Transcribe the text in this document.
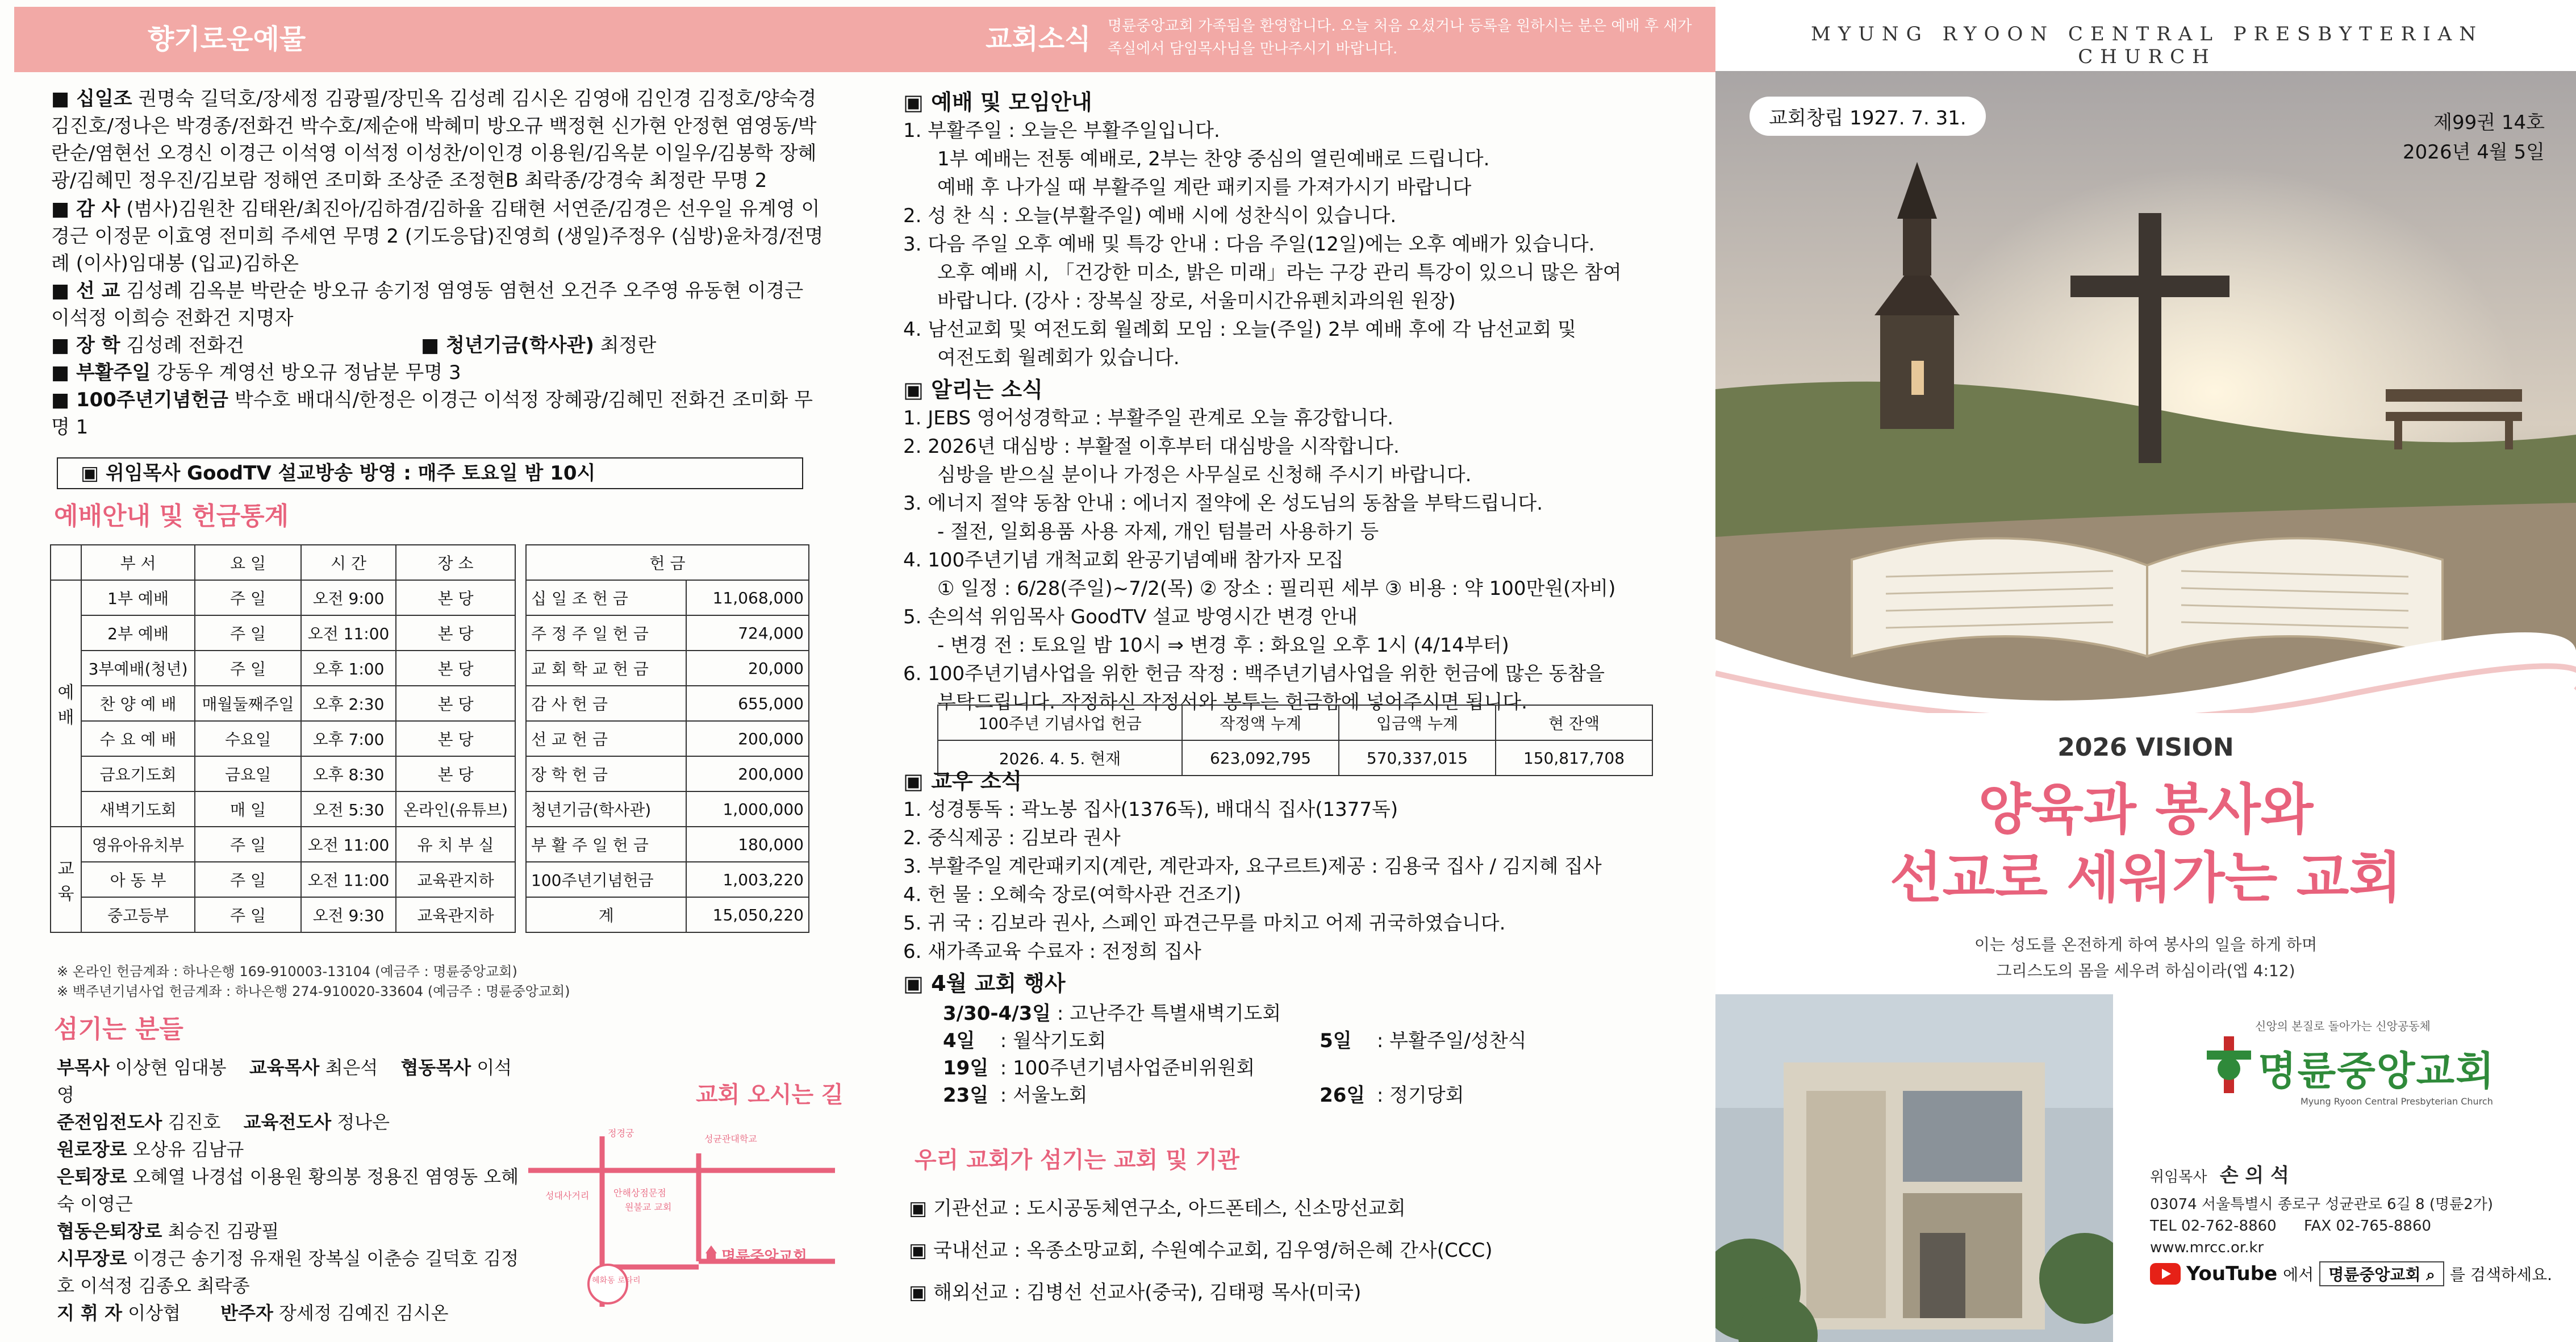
향기로운예물
■ 십일조 권명숙 길덕호/장세정 김광필/장민옥 김성례 김시온 김영애 김인경 김정호/양숙경 김진호/정나은 박경종/전화건 박수호/제순애 박혜미 방오규 백정현 신가현 안정현 염영동/박란순/염현선 오경신 이경근 이석영 이석정 이성찬/이인경 이용원/김옥분 이일우/김봉학 장혜광/김혜민 정우진/김보람 정해연 조미화 조상준 조정현B 최락종/강경숙 최정란 무명 2
■ 감 사 (범사)김원찬 김태완/최진아/김하겸/김하율 김태현 서연준/김경은 선우일 유계영 이경근 이정문 이효영 전미희 주세연 무명 2 (기도응답)진영희 (생일)주정우 (심방)윤차경/전명례 (이사)임대봉 (입교)김하온
■ 선 교 김성례 김옥분 박란순 방오규 송기정 염영동 염현선 오건주 오주영 유동현 이경근 이석정 이희승 전화건 지명자
■ 장 학 김성례 전화건	■ 청년기금(학사관) 최정란
■ 부활주일 강동우 계영선 방오규 정남분 무명 3
■ 100주년기념헌금 박수호 배대식/한정은 이경근 이석정 장혜광/김혜민 전화건 조미화 무명 1
▣ 위임목사 GoodTV 설교방송 방영 : 매주 토요일 밤 10시
예배안내 및 헌금통계
	부 서	요 일	시 간	장 소
예배	1부 예배	주 일	오전 9:00	본 당
	2부 예배	주 일	오전 11:00	본 당
	3부예배(청년)	주 일	오후 1:00	본 당
	찬 양 예 배	매월둘째주일	오후 2:30	본 당
	수 요 예 배	수요일	오후 7:00	본 당
	금요기도회	금요일	오후 8:30	본 당
	새벽기도회	매 일	오전 5:30	온라인(유튜브)
교육	영유아유치부	주 일	오전 11:00	유 치 부 실
	아 동 부	주 일	오전 11:00	교육관지하
	중고등부	주 일	오전 9:30	교육관지하
헌 금	
십 일 조 헌 금	11,068,000
주 정 주 일 헌 금	724,000
교 회 학 교 헌 금	20,000
감 사 헌 금	655,000
선 교 헌 금	200,000
장 학 헌 금	200,000
청년기금(학사관)	1,000,000
부 활 주 일 헌 금	180,000
100주년기념헌금	1,003,220
계	15,050,220
※ 온라인 헌금계좌 : 하나은행 169-910003-13104 (예금주 : 명륜중앙교회)
※ 백주년기념사업 헌금계좌 : 하나은행 274-910020-33604 (예금주 : 명륜중앙교회)
섬기는 분들
부목사 이상현 임대봉 교육목사 최은석 협동목사 이석영
준전임전도사 김진호 교육전도사 정나은
원로장로 오상유 김남규
은퇴장로 오혜열 나경섭 이용원 황의봉 정용진 염영동 오혜숙 이영근
협동은퇴장로 최승진 김광필
시무장로 이경근 송기정 유재원 장복실 이춘승 길덕호 김정호 이석정 김종오 최락종
지 휘 자 이상협 반주자 장세정 김예진 김시온
교회 오시는 길
성대사거리
정경궁
성균관대학교
안해상점문점
원불교 교회
혜화동 로타리
명륜중앙교회
교회소식 명륜중앙교회 가족됨을 환영합니다. 오늘 처음 오셨거나 등록을 원하시는 분은 예배 후 새가족실에서 담임목사님을 만나주시기 바랍니다.
▣ 예배 및 모임안내
1. 부활주일 : 오늘은 부활주일입니다.
1부 예배는 전통 예배로, 2부는 찬양 중심의 열린예배로 드립니다.
예배 후 나가실 때 부활주일 계란 패키지를 가져가시기 바랍니다
2. 성 찬 식 : 오늘(부활주일) 예배 시에 성찬식이 있습니다.
3. 다음 주일 오후 예배 및 특강 안내 : 다음 주일(12일)에는 오후 예배가 있습니다.
오후 예배 시, 「건강한 미소, 밝은 미래」라는 구강 관리 특강이 있으니 많은 참여
바랍니다. (강사 : 장복실 장로, 서울미시간유펜치과의원 원장)
4. 남선교회 및 여전도회 월례회 모임 : 오늘(주일) 2부 예배 후에 각 남선교회 및
여전도회 월례회가 있습니다.
▣ 알리는 소식
1. JEBS 영어성경학교 : 부활주일 관계로 오늘 휴강합니다.
2. 2026년 대심방 : 부활절 이후부터 대심방을 시작합니다.
심방을 받으실 분이나 가정은 사무실로 신청해 주시기 바랍니다.
3. 에너지 절약 동참 안내 : 에너지 절약에 온 성도님의 동참을 부탁드립니다.
- 절전, 일회용품 사용 자제, 개인 텀블러 사용하기 등
4. 100주년기념 개척교회 완공기념예배 참가자 모집
① 일정 : 6/28(주일)~7/2(목) ② 장소 : 필리핀 세부 ③ 비용 : 약 100만원(자비)
5. 손의석 위임목사 GoodTV 설교 방영시간 변경 안내
- 변경 전 : 토요일 밤 10시 ⇒ 변경 후 : 화요일 오후 1시 (4/14부터)
6. 100주년기념사업을 위한 헌금 작정 : 백주년기념사업을 위한 헌금에 많은 동참을
부탁드립니다. 작정하신 작정서와 봉투는 헌금함에 넣어주시면 됩니다.
100주년 기념사업 헌금	작정액 누계	입금액 누계	현 잔액
2026. 4. 5. 현재	623,092,795	570,337,015	150,817,708
▣ 교우 소식
1. 성경통독 : 곽노봉 집사(1376독), 배대식 집사(1377독)
2. 중식제공 : 김보라 권사
3. 부활주일 계란패키지(계란, 계란과자, 요구르트)제공 : 김용국 집사 / 김지혜 집사
4. 헌 물 : 오혜숙 장로(여학사관 건조기)
5. 귀 국 : 김보라 권사, 스페인 파견근무를 마치고 어제 귀국하였습니다.
6. 새가족교육 수료자 : 전정희 집사
▣ 4월 교회 행사
3/30-4/3일 : 고난주간 특별새벽기도회
4일 : 월삭기도회	5일 : 부활주일/성찬식
19일 : 100주년기념사업준비위원회
23일 : 서울노회	26일 : 정기당회
우리 교회가 섬기는 교회 및 기관
▣ 기관선교 : 도시공동체연구소, 아드폰테스, 신소망선교회
▣ 국내선교 : 옥종소망교회, 수원예수교회, 김우영/허은혜 간사(CCC)
▣ 해외선교 : 김병선 선교사(중국), 김태평 목사(미국)
MYUNG RYOON CENTRAL PRESBYTERIAN CHURCH
교회창립 1927. 7. 31.	제99권 14호
2026년 4월 5일
2026 VISION
양육과 봉사와
선교로 세워가는 교회
이는 성도를 온전하게 하여 봉사의 일을 하게 하며
그리스도의 몸을 세우려 하심이라(엡 4:12)
신앙의 본질로 돌아가는 신앙공동체
명륜중앙교회
Myung Ryoon Central Presbyterian Church
위임목사 손 의 석
03074 서울특별시 종로구 성균관로 6길 8 (명륜2가)
TEL 02-762-8860 FAX 02-765-8860
www.mrcc.or.kr
YouTube 에서 명륜중앙교회 ⌕ 를 검색하세요.
